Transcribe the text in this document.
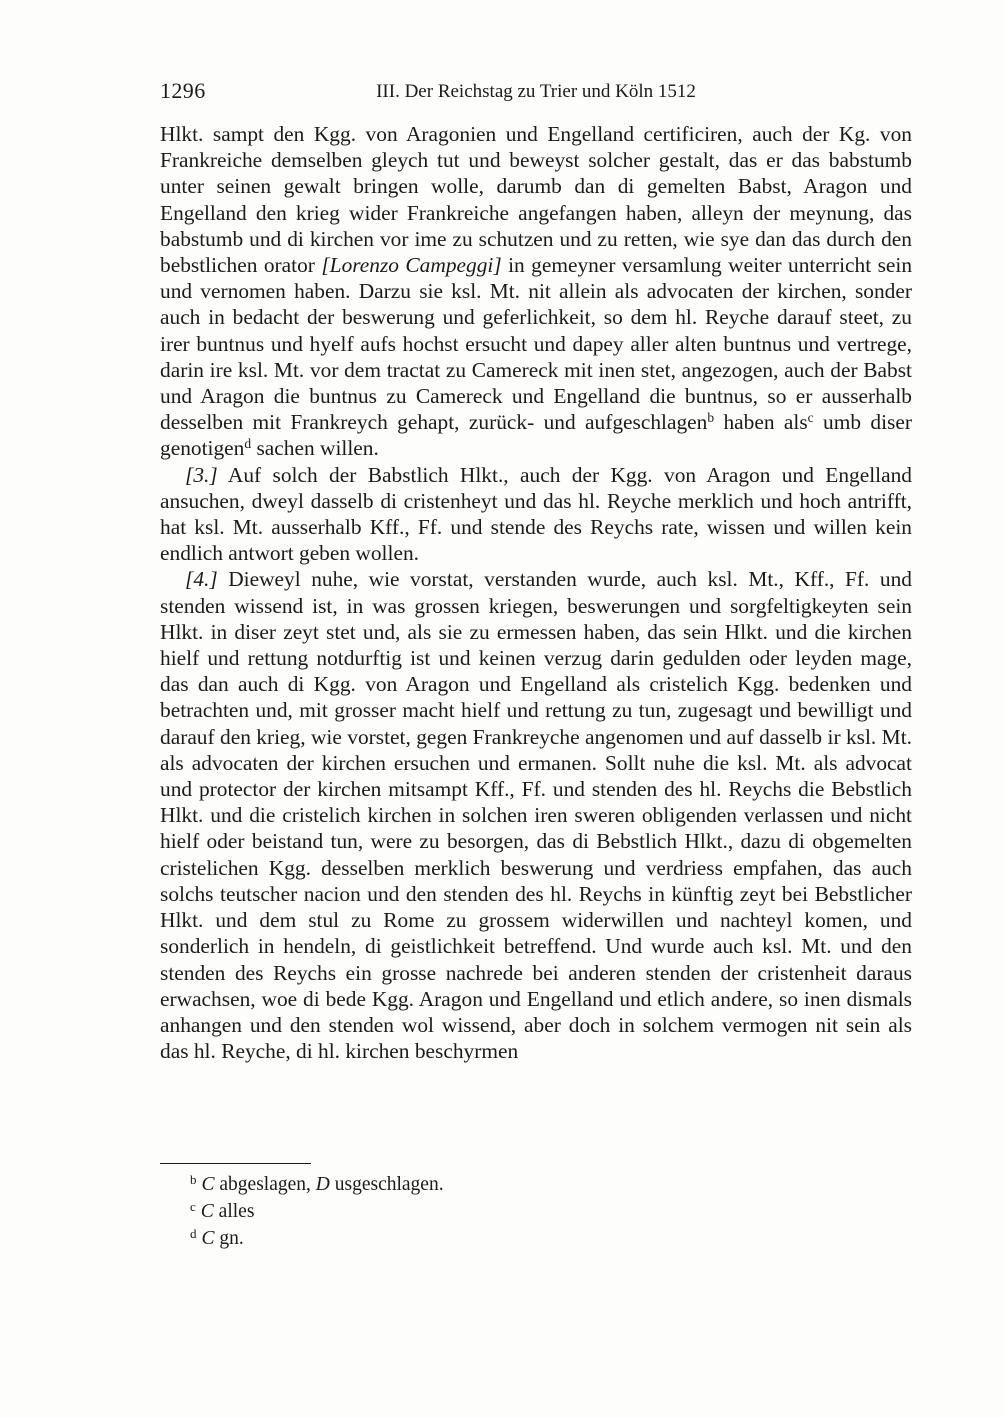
1296	III. Der Reichstag zu Trier und Köln 1512

Hlkt. sampt den Kgg. von Aragonien und Engelland certificiren, auch der Kg. von Frankreiche demselben gleych tut und beweyst solcher gestalt, das er das babstumb unter seinen gewalt bringen wolle, darumb dan di gemelten Babst, Aragon und Engelland den krieg wider Frankreiche angefangen haben, alleyn der meynung, das babstumb und di kirchen vor ime zu schutzen und zu retten, wie sye dan das durch den bebstlichen orator [Lorenzo Campeggi] in gemeyner versamlung weiter unterricht sein und vernomen haben. Darzu sie ksl. Mt. nit allein als advocaten der kirchen, sonder auch in bedacht der beswerung und geferlichkeit, so dem hl. Reyche darauf steet, zu irer buntnus und hyelf aufs hochst ersucht und dapey aller alten buntnus und vertrege, darin ire ksl. Mt. vor dem tractat zu Camereck mit inen stet, angezogen, auch der Babst und Aragon die buntnus zu Camereck und Engelland die buntnus, so er ausserhalb desselben mit Frankreych gehapt, zurück- und aufgeschlagen$^b$ haben als$^c$ umb diser genotigen$^d$ sachen willen.

[3.] Auf solch der Babstlich Hlkt., auch der Kgg. von Aragon und Engelland ansuchen, dweyl dasselb di cristenheyt und das hl. Reyche merklich und hoch antrifft, hat ksl. Mt. ausserhalb Kff., Ff. und stende des Reychs rate, wissen und willen kein endlich antwort geben wollen.

[4.] Dieweyl nuhe, wie vorstat, verstanden wurde, auch ksl. Mt., Kff., Ff. und stenden wissend ist, in was grossen kriegen, beswerungen und sorgfeltigkeyten sein Hlkt. in diser zeyt stet und, als sie zu ermessen haben, das sein Hlkt. und die kirchen hielf und rettung notdurftig ist und keinen verzug darin gedulden oder leyden mage, das dan auch di Kgg. von Aragon und Engelland als cristelich Kgg. bedenken und betrachten und, mit grosser macht hielf und rettung zu tun, zugesagt und bewilligt und darauf den krieg, wie vorstet, gegen Frankreyche angenomen und auf dasselb ir ksl. Mt. als advocaten der kirchen ersuchen und ermanen. Sollt nuhe die ksl. Mt. als advocat und protector der kirchen mitsampt Kff., Ff. und stenden des hl. Reychs die Bebstlich Hlkt. und die cristelich kirchen in solchen iren sweren obligenden verlassen und nicht hielf oder beistand tun, were zu besorgen, das di Bebstlich Hlkt., dazu di obgemelten cristelichen Kgg. desselben merklich beswerung und verdriess empfahen, das auch solchs teutscher nacion und den stenden des hl. Reychs in künftig zeyt bei Bebstlicher Hlkt. und dem stul zu Rome zu grossem widerwillen und nachteyl komen, und sonderlich in hendeln, di geistlichkeit betreffend. Und wurde auch ksl. Mt. und den stenden des Reychs ein grosse nachrede bei anderen stenden der cristenheit daraus erwachsen, woe di bede Kgg. Aragon und Engelland und etlich andere, so inen dismals anhangen und den stenden wol wissend, aber doch in solchem vermogen nit sein als das hl. Reyche, di hl. kirchen beschyrmen

$^b$ C abgeslagen, D usgeschlagen.

$^c$ C alles

$^d$ C gn.
